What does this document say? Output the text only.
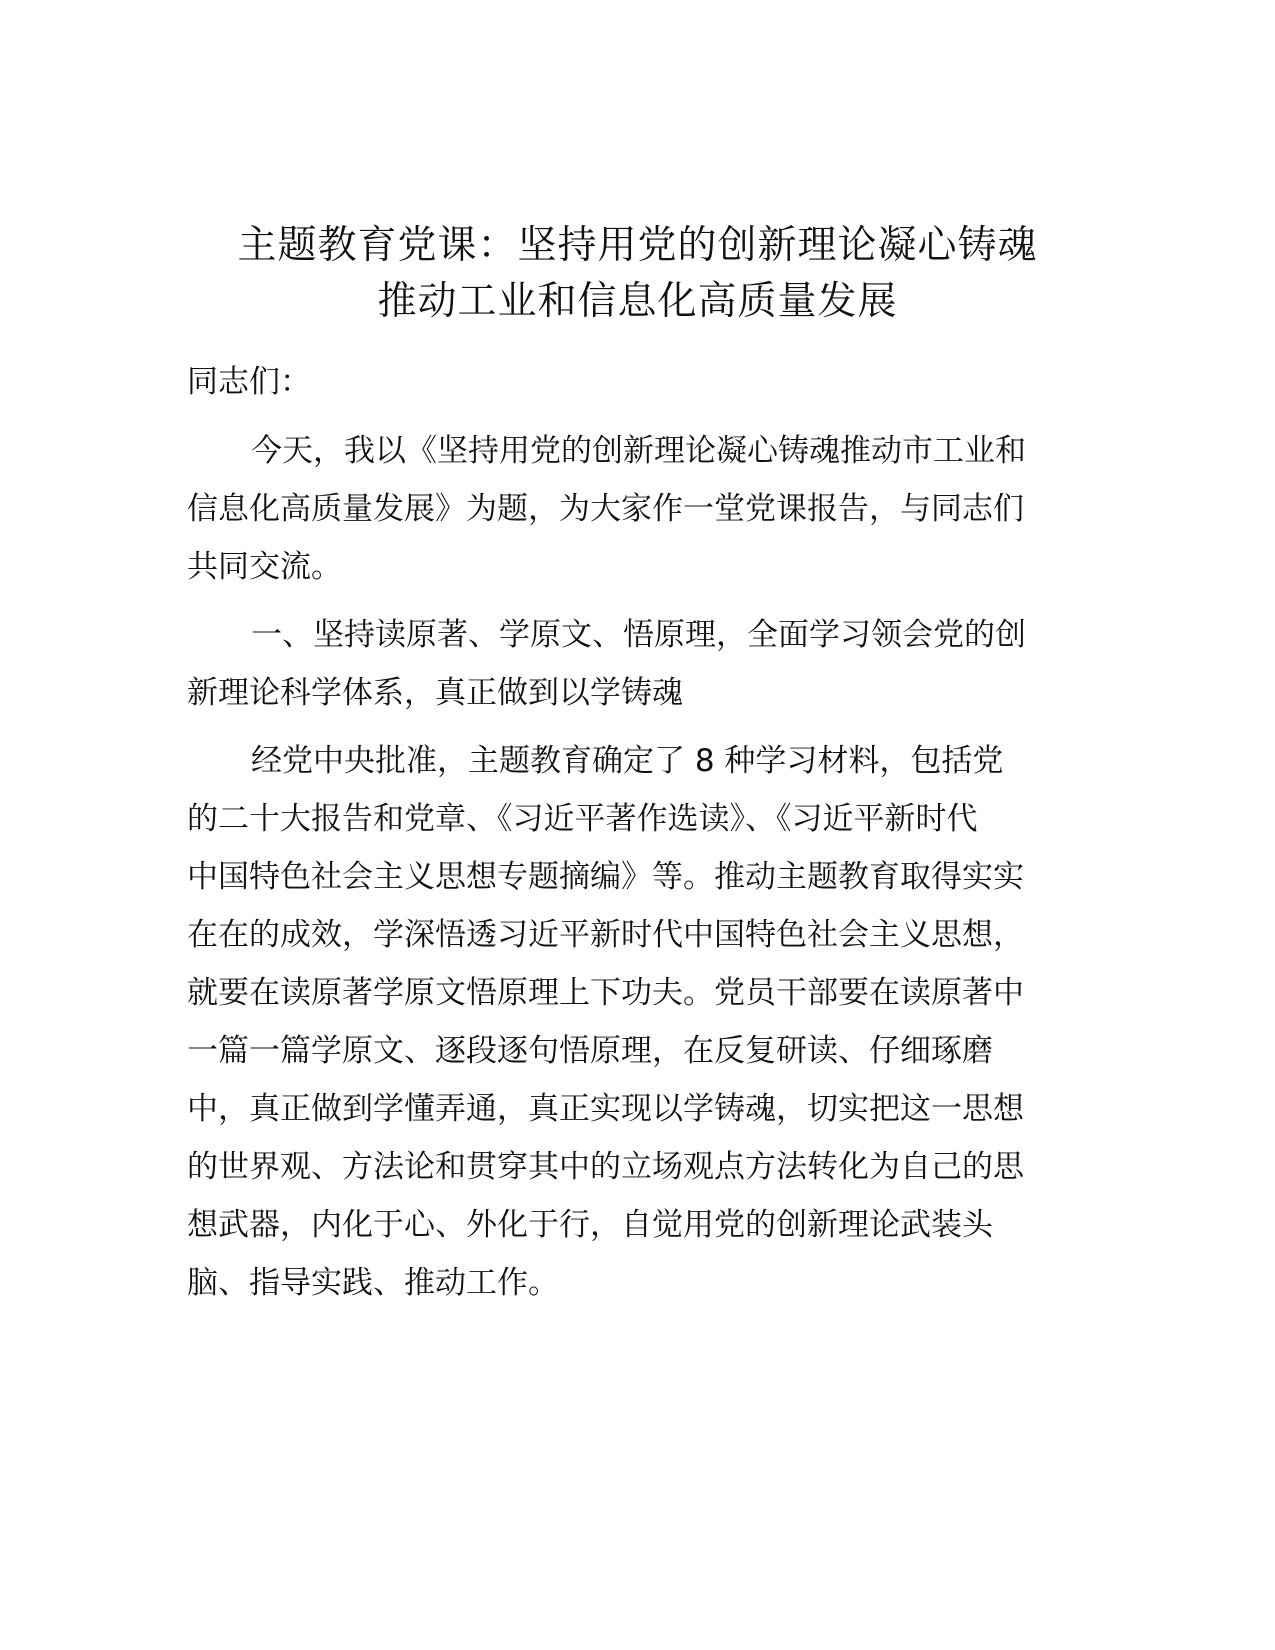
主题教育党课：坚持用党的创新理论凝心铸魂
推动工业和信息化高质量发展
同志们：
今天，我以《坚持用党的创新理论凝心铸魂推动市工业和
信息化高质量发展》为题，为大家作一堂党课报告，与同志们
共同交流。
一、坚持读原著、学原文、悟原理，全面学习领会党的创
新理论科学体系，真正做到以学铸魂
经党中央批准，主题教育确定了 8 种学习材料，包括党
的二十大报告和党章、《习近平著作选读》、《习近平新时代
中国特色社会主义思想专题摘编》等。推动主题教育取得实实
在在的成效，学深悟透习近平新时代中国特色社会主义思想，
就要在读原著学原文悟原理上下功夫。党员干部要在读原著中
一篇一篇学原文、逐段逐句悟原理，在反复研读、仔细琢磨
中，真正做到学懂弄通，真正实现以学铸魂，切实把这一思想
的世界观、方法论和贯穿其中的立场观点方法转化为自己的思
想武器，内化于心、外化于行，自觉用党的创新理论武装头
脑、指导实践、推动工作。
